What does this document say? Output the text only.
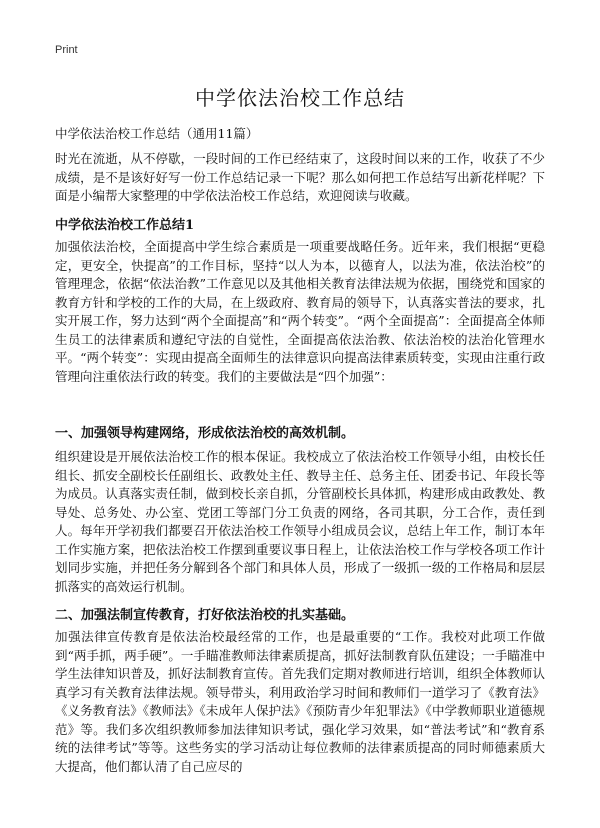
Print
中学依法治校工作总结
中学依法治校工作总结（通用11篇）

时光在流逝，从不停歇，一段时间的工作已经结束了，这段时间以来的工作，收获了不少成绩，是不是该好好写一份工作总结记录一下呢？那么如何把工作总结写出新花样呢？下面是小编帮大家整理的中学依法治校工作总结，欢迎阅读与收藏。

中学依法治校工作总结1

加强依法治校，全面提高中学生综合素质是一项重要战略任务。近年来，我们根据“更稳定，更安全，快提高”的工作目标，坚持“以人为本，以德育人，以法为准，依法治校”的管理理念，依据“依法治教”工作意见以及其他相关教育法律法规为依据，围绕党和国家的教育方针和学校的工作的大局，在上级政府、教育局的领导下，认真落实普法的要求，扎实开展工作，努力达到“两个全面提高”和“两个转变”。“两个全面提高”：全面提高全体师生员工的法律素质和遵纪守法的自觉性，全面提高依法治教、依法治校的法治化管理水平。“两个转变”：实现由提高全面师生的法律意识向提高法律素质转变，实现由注重行政管理向注重依法行政的转变。我们的主要做法是“四个加强”：

一、加强领导构建网络，形成依法治校的高效机制。

组织建设是开展依法治校工作的根本保证。我校成立了依法治校工作领导小组，由校长任组长、抓安全副校长任副组长、政教处主任、教导主任、总务主任、团委书记、年段长等为成员。认真落实责任制，做到校长亲自抓，分管副校长具体抓，构建形成由政教处、教导处、总务处、办公室、党团工等部门分工负责的网络，各司其职，分工合作，责任到人。每年开学初我们都要召开依法治校工作领导小组成员会议，总结上年工作，制订本年工作实施方案，把依法治校工作摆到重要议事日程上，让依法治校工作与学校各项工作计划同步实施，并把任务分解到各个部门和具体人员，形成了一级抓一级的工作格局和层层抓落实的高效运行机制。

二、加强法制宣传教育，打好依法治校的扎实基础。

加强法律宣传教育是依法治校最经常的工作，也是最重要的“工作。我校对此项工作做到“两手抓，两手硬”。一手瞄准教师法律素质提高，抓好法制教育队伍建设；一手瞄准中学生法律知识普及，抓好法制教育宣传。首先我们定期对教师进行培训，组织全体教师认真学习有关教育法律法规。领导带头，利用政治学习时间和教师们一道学习了《教育法》《义务教育法》《教师法》《未成年人保护法》《预防青少年犯罪法》《中学教师职业道德规范》等。我们多次组织教师参加法律知识考试，强化学习效果，如“普法考试”和“教育系统的法律考试”等等。这些务实的学习活动让每位教师的法律素质提高的同时师德素质大大提高，他们都认清了自己应尽的
